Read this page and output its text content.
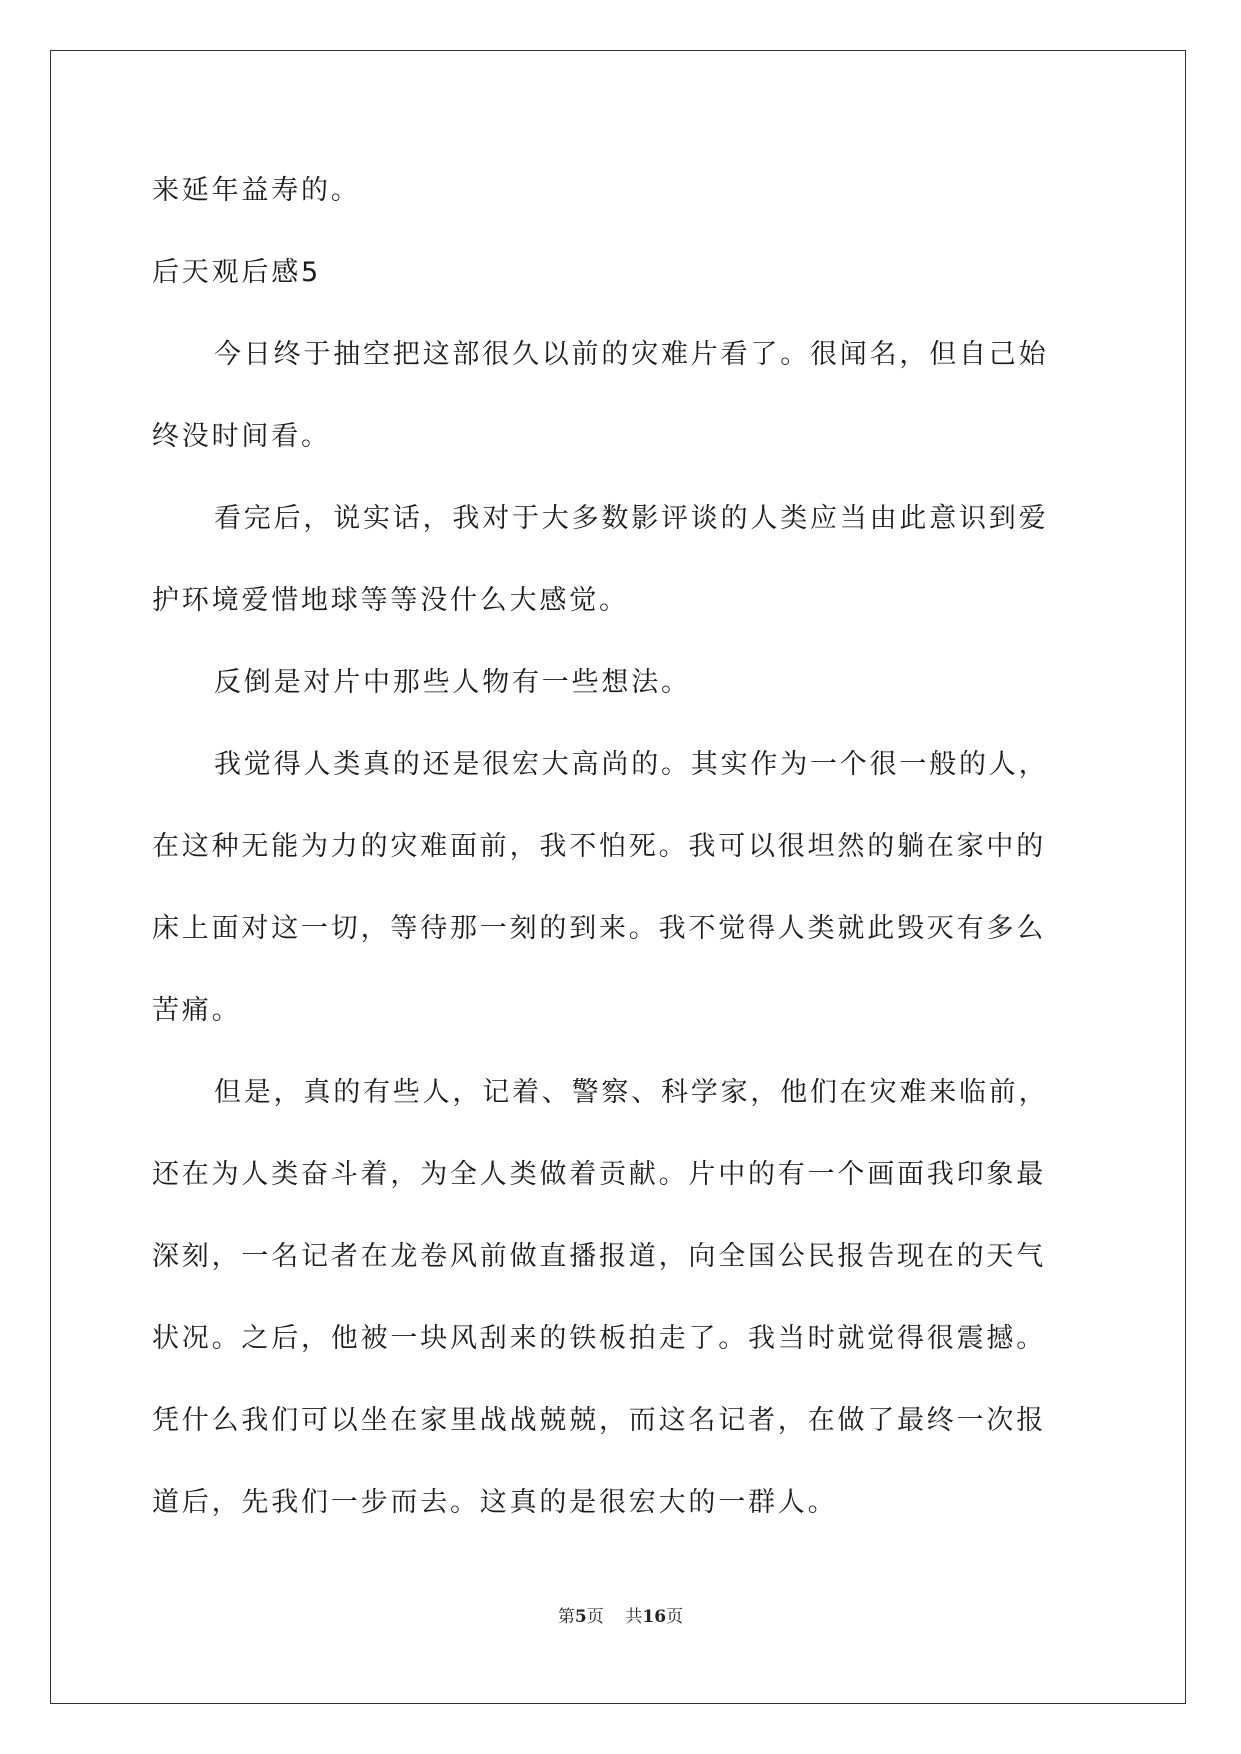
来延年益寿的。
后天观后感5
今日终于抽空把这部很久以前的灾难片看了。很闻名，但自己始
终没时间看。
看完后，说实话，我对于大多数影评谈的人类应当由此意识到爱
护环境爱惜地球等等没什么大感觉。
反倒是对片中那些人物有一些想法。
我觉得人类真的还是很宏大高尚的。其实作为一个很一般的人，
在这种无能为力的灾难面前，我不怕死。我可以很坦然的躺在家中的
床上面对这一切，等待那一刻的到来。我不觉得人类就此毁灭有多么
苦痛。
但是，真的有些人，记着、警察、科学家，他们在灾难来临前，
还在为人类奋斗着，为全人类做着贡献。片中的有一个画面我印象最
深刻，一名记者在龙卷风前做直播报道，向全国公民报告现在的天气
状况。之后，他被一块风刮来的铁板拍走了。我当时就觉得很震撼。
凭什么我们可以坐在家里战战兢兢，而这名记者，在做了最终一次报
道后，先我们一步而去。这真的是很宏大的一群人。
第5页 共16页
